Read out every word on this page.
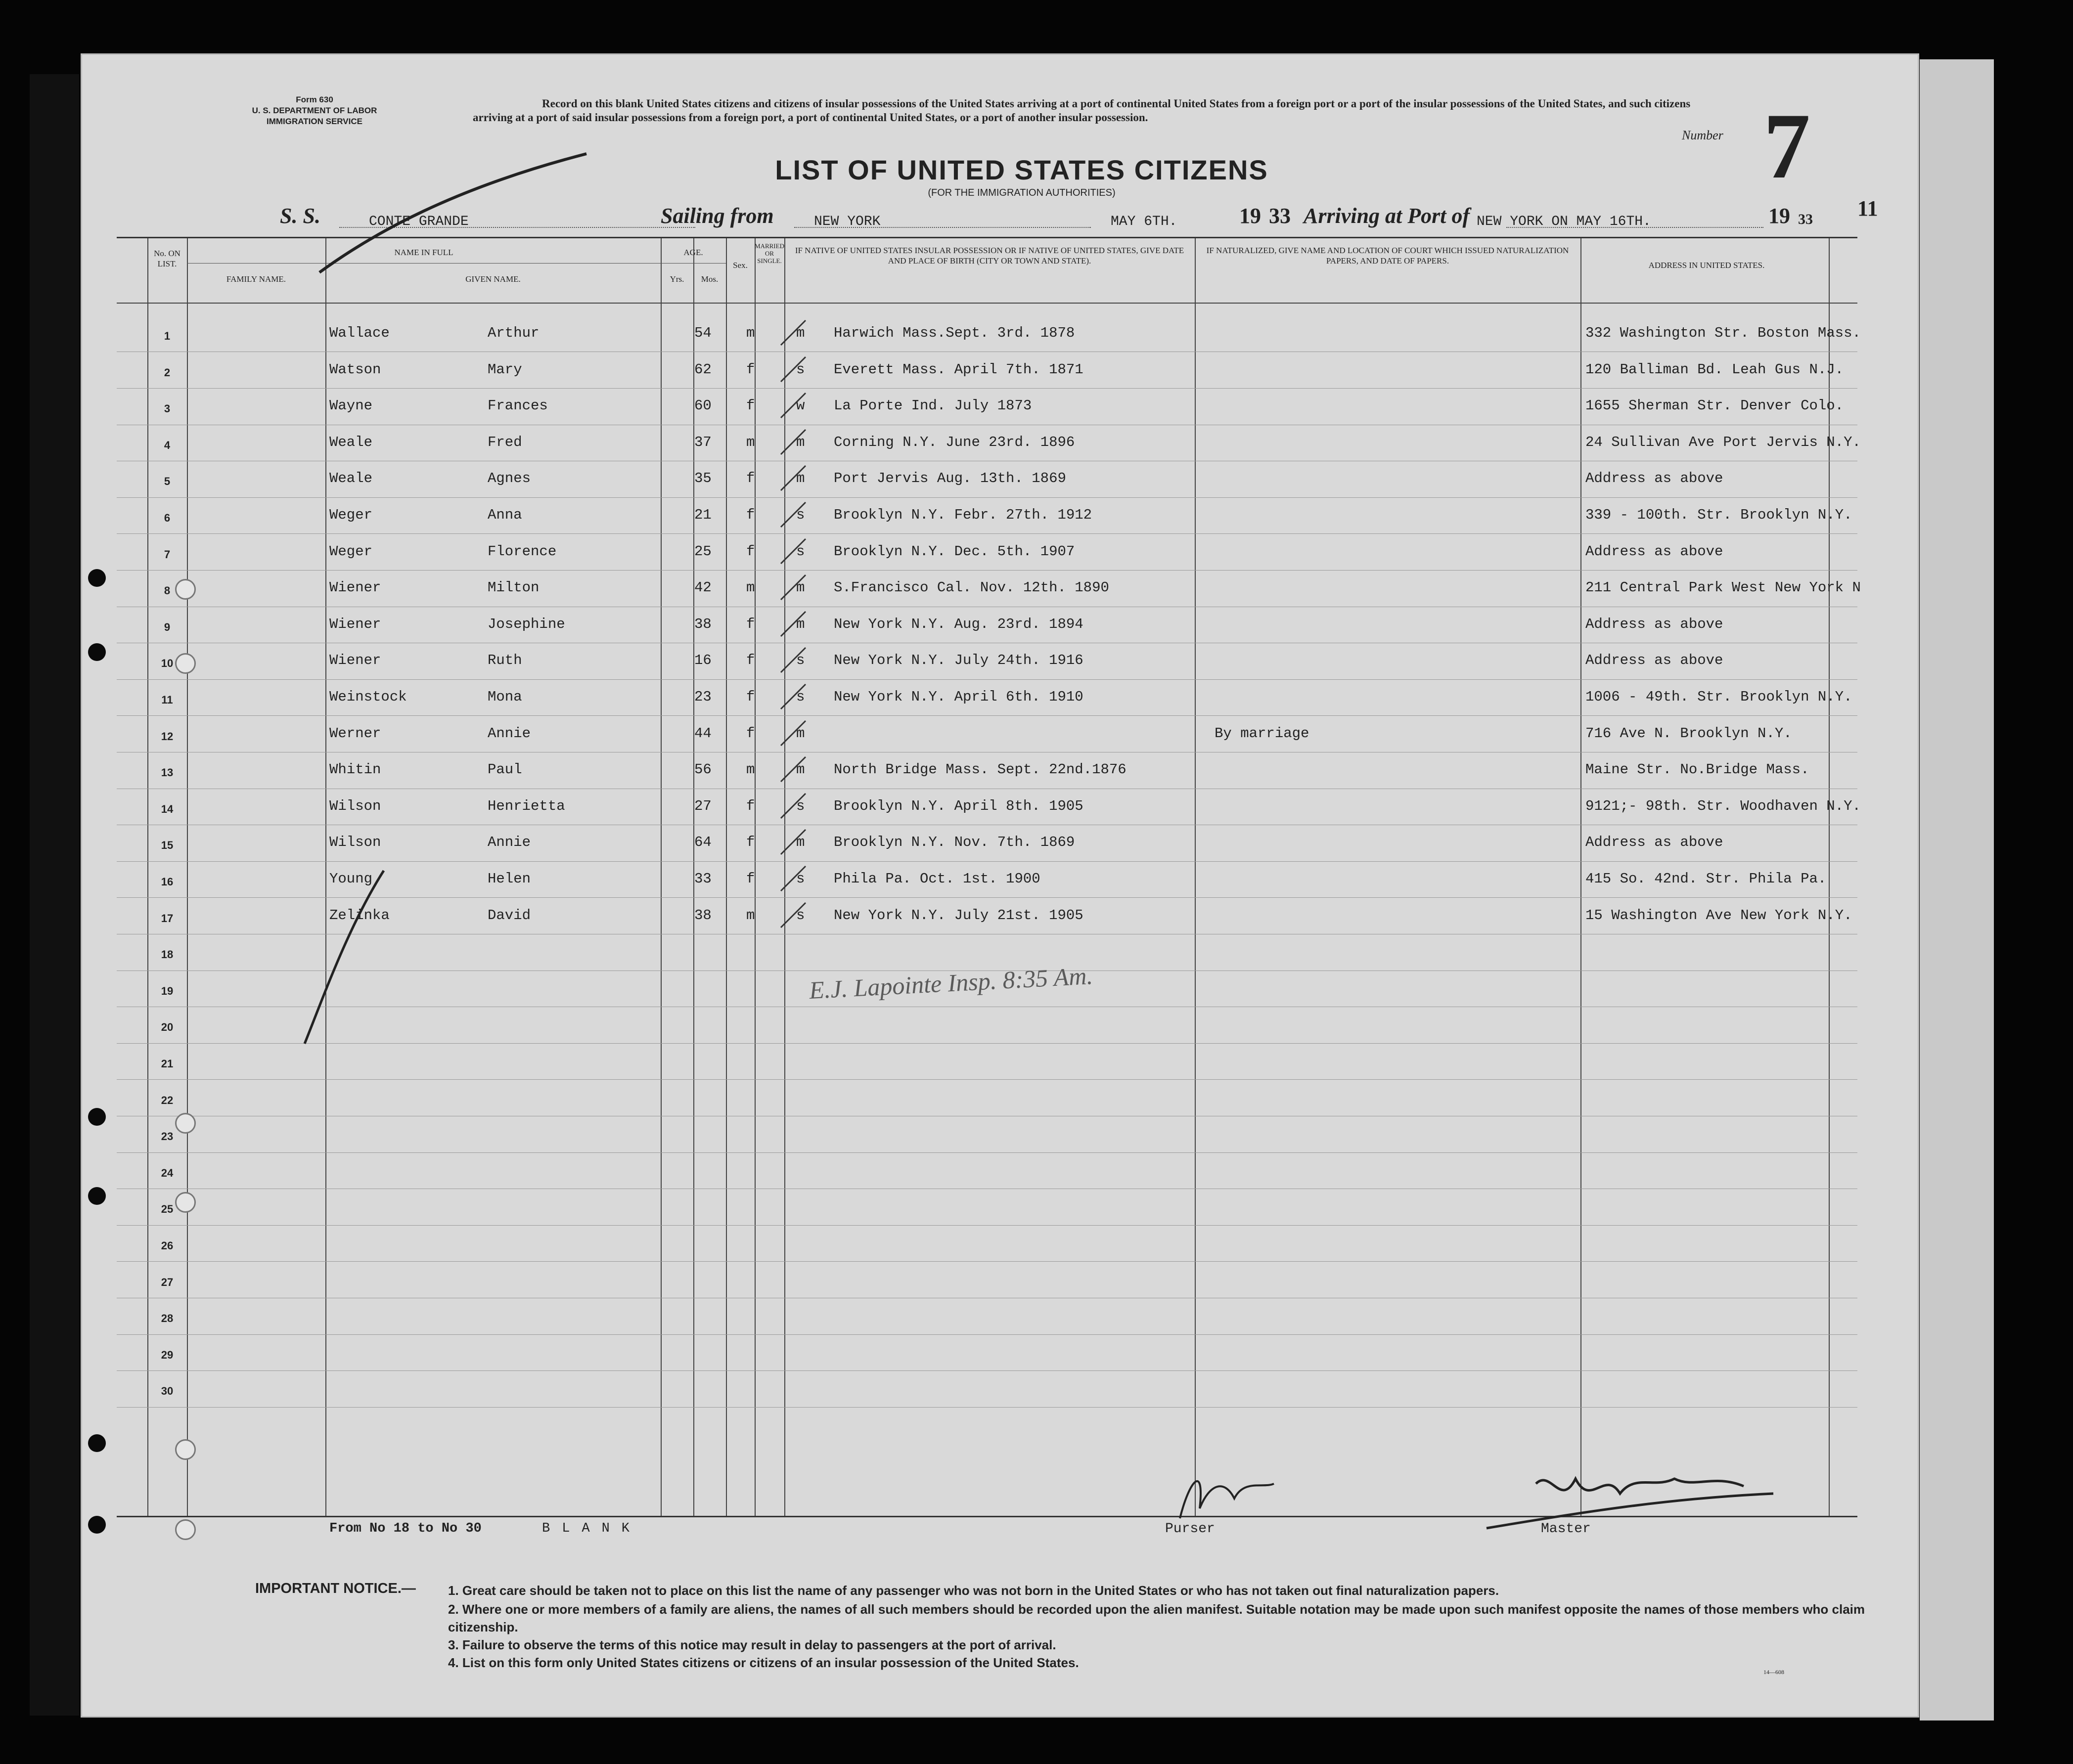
Form 630
U. S. DEPARTMENT OF LABOR
IMMIGRATION SERVICE
Record on this blank United States citizens and citizens of insular possessions of the United States arriving at a port of continental United States from a foreign port or a port of the insular possessions of the United States, and such citizens arriving at a port of said insular possessions from a foreign port, a port of continental United States, or a port of another insular possession.
Number 7
11
LIST OF UNITED STATES CITIZENS
(FOR THE IMMIGRATION AUTHORITIES)
S. S.	CONTE GRANDE	Sailing from	NEW YORK	MAY 6TH.	19 33 Arriving at Port of NEW YORK ON MAY 16TH.	19 33
No. ON LIST.
NAME IN FULL
FAMILY NAME.	GIVEN NAME.
AGE.
Yrs.	Mos.
Sex.
MARRIED OR SINGLE.
IF NATIVE OF UNITED STATES INSULAR POSSESSION OR IF NATIVE OF UNITED STATES, GIVE DATE AND PLACE OF BIRTH (CITY OR TOWN AND STATE).
IF NATURALIZED, GIVE NAME AND LOCATION OF COURT WHICH ISSUED NATURALIZATION PAPERS, AND DATE OF PAPERS.	ADDRESS IN UNITED STATES.
1	Wallace	Arthur	54 m	m Harwich Mass.Sept. 3rd. 1878	332 Washington Str. Boston Mass.
2	Watson	Mary	62 f	s Everett Mass. April 7th. 1871	120 Balliman Bd. Leah Gus N.J.
3	Wayne	Frances	60 f	w La Porte Ind. July 1873	1655 Sherman Str. Denver Colo.
4	Weale	Fred	37 m	m Corning N.Y. June 23rd. 1896	24 Sullivan Ave Port Jervis N.Y.
5	Weale	Agnes	35 f	m Port Jervis Aug. 13th. 1869	Address as above
6	Weger	Anna	21 f	s Brooklyn N.Y. Febr. 27th. 1912	339 - 100th. Str. Brooklyn N.Y.
7	Weger	Florence	25 f	s Brooklyn N.Y. Dec. 5th. 1907	Address as above
8	Wiener	Milton	42 m	m S.Francisco Cal. Nov. 12th. 1890	211 Central Park West New York N
9	Wiener	Josephine	38 f	m New York N.Y. Aug. 23rd. 1894	Address as above
10	Wiener	Ruth	16 f	s New York N.Y. July 24th. 1916	Address as above
11	Weinstock	Mona	23 f	s New York N.Y. April 6th. 1910	1006 - 49th. Str. Brooklyn N.Y.
12	Werner	Annie	44 f	m	By marriage	716 Ave N. Brooklyn N.Y.
13	Whitin	Paul	56 m	m North Bridge Mass. Sept. 22nd.1876	Maine Str. No.Bridge Mass.
14	Wilson	Henrietta	27 f	s Brooklyn N.Y. April 8th. 1905	9121;- 98th. Str. Woodhaven N.Y.
15	Wilson	Annie	64 f	m Brooklyn N.Y. Nov. 7th. 1869	Address as above
16	Young	Helen	33 f	s Phila Pa. Oct. 1st. 1900	415 So. 42nd. Str. Phila Pa.
17	Zelinka	David	38 m	s New York N.Y. July 21st. 1905	15 Washington Ave New York N.Y.
18
19
20
21
22
23
24
25
26
27
28
29
30
E.J. Lapointe Insp. 8:35 Am.
From No 18 to No 30	BLANK	Purser	Master
IMPORTANT NOTICE.—	1. Great care should be taken not to place on this list the name of any passenger who was not born in the United States or who has not taken out final naturalization papers.
2. Where one or more members of a family are aliens, the names of all such members should be recorded upon the alien manifest. Suitable notation may be made upon such manifest opposite the names of those members who claim citizenship.
3. Failure to observe the terms of this notice may result in delay to passengers at the port of arrival.
4. List on this form only United States citizens or citizens of an insular possession of the United States.
14—608
